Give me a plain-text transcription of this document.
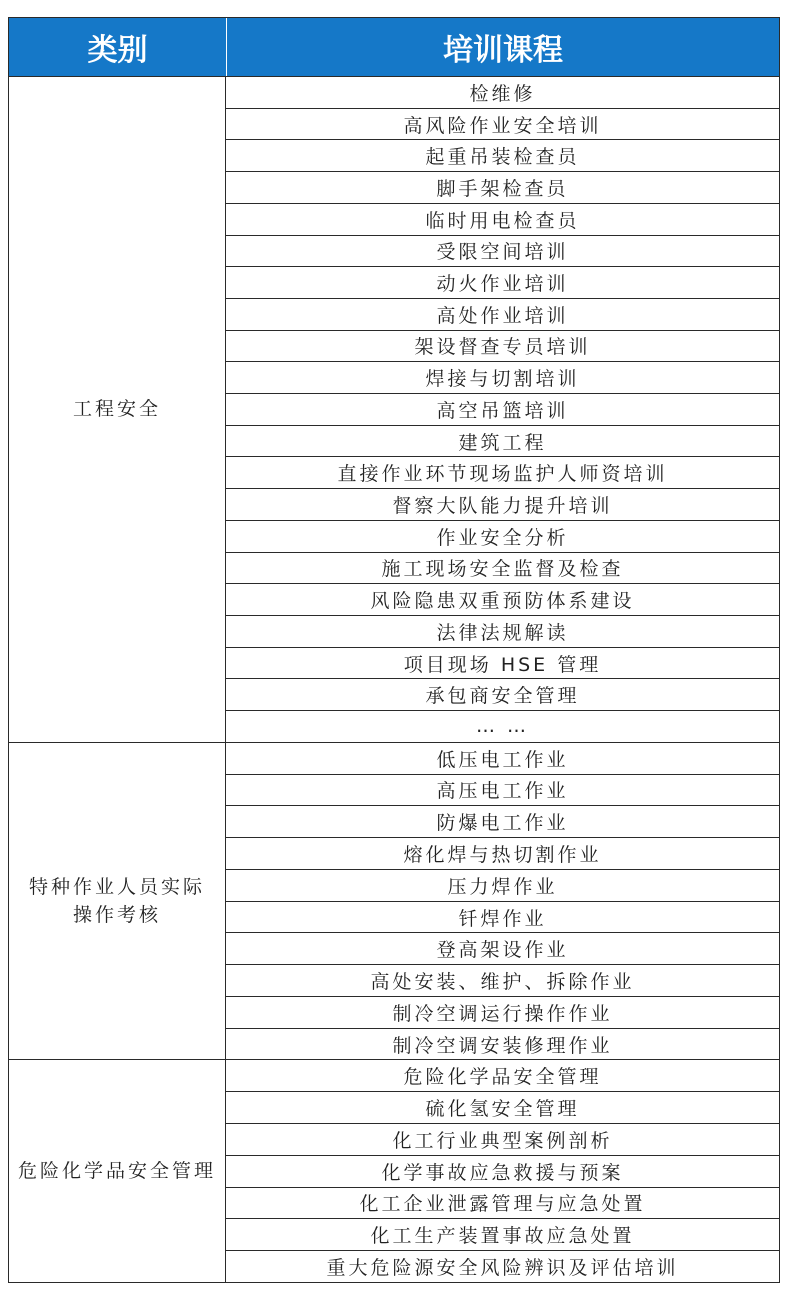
类别	培训课程
工程安全
检维修
高风险作业安全培训
起重吊装检查员
脚手架检查员
临时用电检查员
受限空间培训
动火作业培训
高处作业培训
架设督查专员培训
焊接与切割培训
高空吊篮培训
建筑工程
直接作业环节现场监护人师资培训
督察大队能力提升培训
作业安全分析
施工现场安全监督及检查
风险隐患双重预防体系建设
法律法规解读
项目现场 HSE 管理
承包商安全管理
… …
特种作业人员实际操作考核
低压电工作业
高压电工作业
防爆电工作业
熔化焊与热切割作业
压力焊作业
钎焊作业
登高架设作业
高处安装、维护、拆除作业
制冷空调运行操作作业
制冷空调安装修理作业
危险化学品安全管理
危险化学品安全管理
硫化氢安全管理
化工行业典型案例剖析
化学事故应急救援与预案
化工企业泄露管理与应急处置
化工生产装置事故应急处置
重大危险源安全风险辨识及评估培训
